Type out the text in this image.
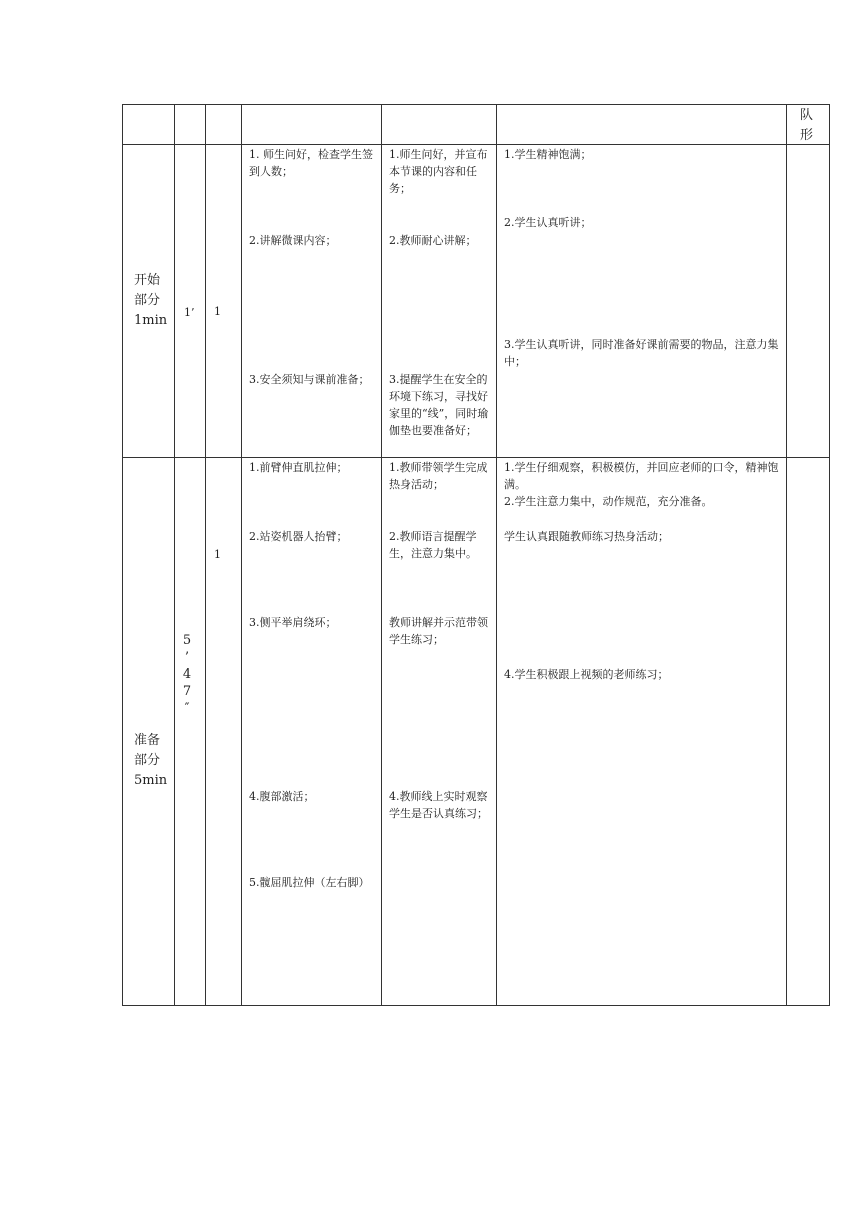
队
形
开始
部分
1min
1’ 1
1. 师生问好，检查学生签到人数；
2.讲解微课内容；
3.安全须知与课前准备；
1.师生问好，并宣布本节课的内容和任务；
2.教师耐心讲解；
3.提醒学生在安全的环境下练习，寻找好家里的“线”，同时瑜伽垫也要准备好；
1.学生精神饱满；
2.学生认真听讲；
3.学生认真听讲，同时准备好课前需要的物品，注意力集中；
准备
部分
5min
5
’
4
7
″
1
1.前臂伸直肌拉伸；
2.站姿机器人抬臂；
3.侧平举肩绕环；
4.腹部激活；
5.髋屈肌拉伸（左右脚）
1.教师带领学生完成热身活动；
2.教师语言提醒学生，注意力集中。
教师讲解并示范带领学生练习；
4.教师线上实时观察学生是否认真练习；
1.学生仔细观察，积极模仿，并回应老师的口令，精神饱满。
2.学生注意力集中，动作规范，充分准备。
学生认真跟随教师练习热身活动；
4.学生积极跟上视频的老师练习；
